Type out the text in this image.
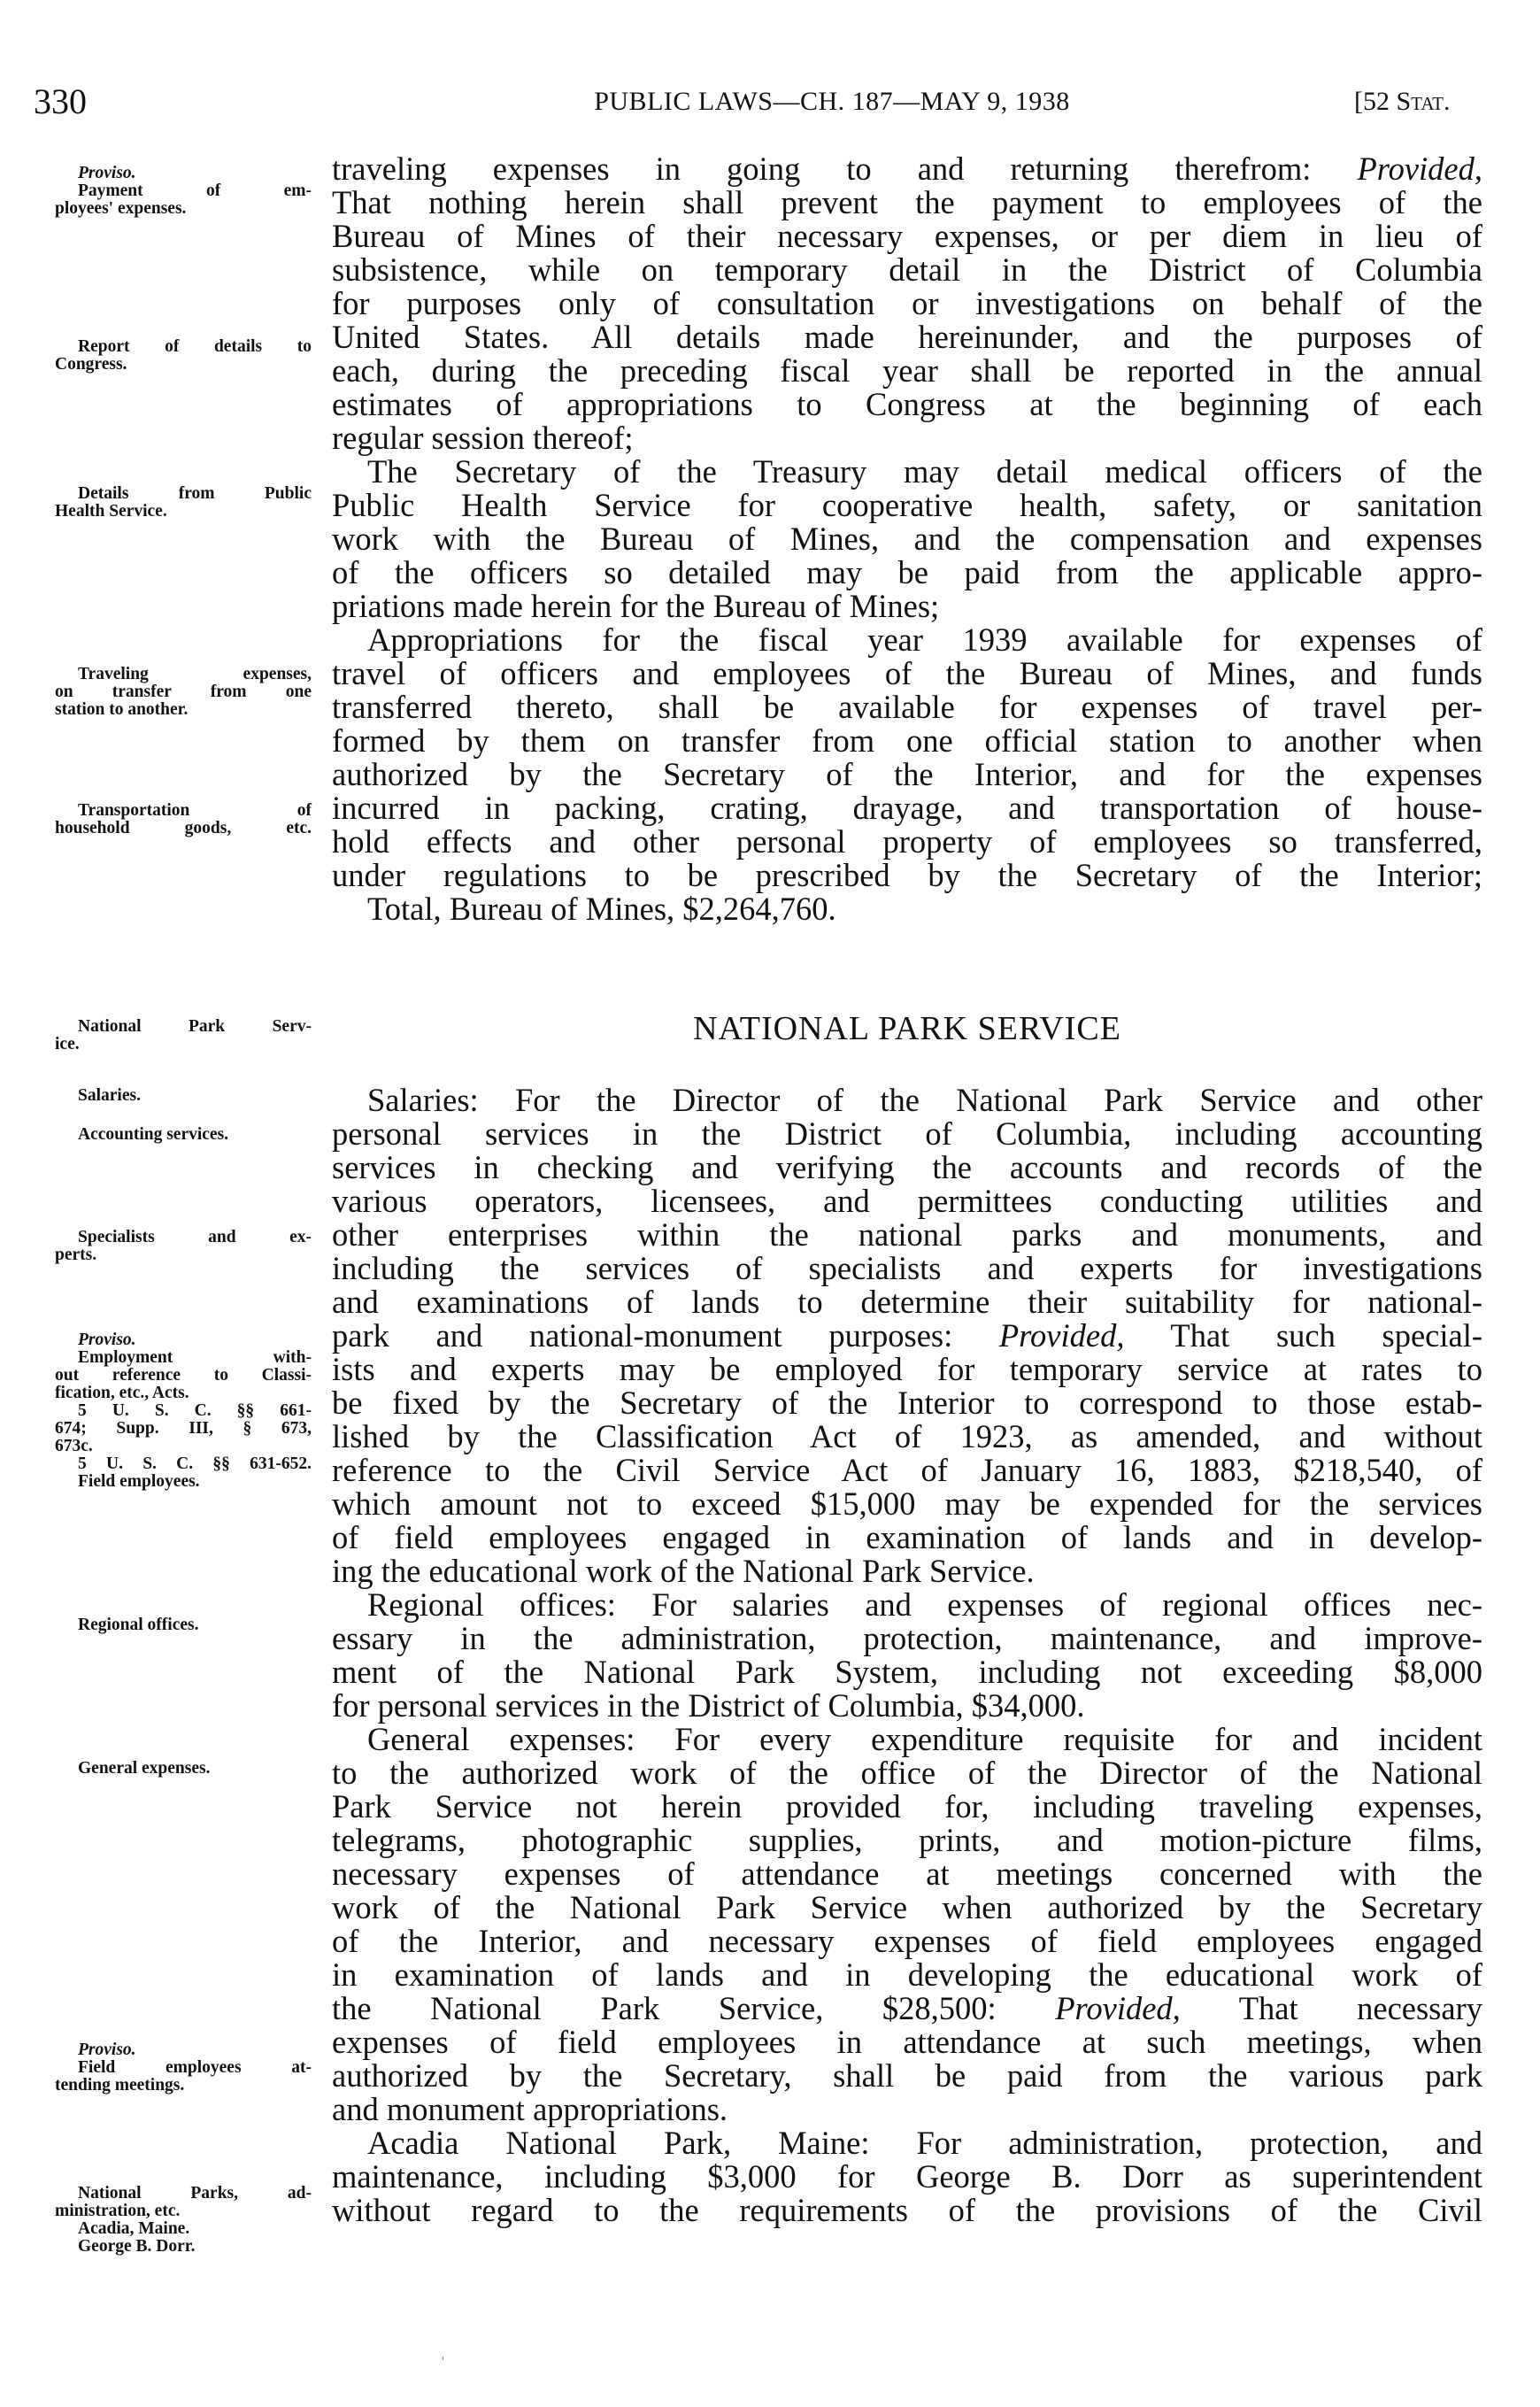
330	PUBLIC LAWS—CH. 187—MAY 9, 1938	[52 Stat.
NATIONAL PARK SERVICE
traveling expenses in going to and returning therefrom: Provided,
That nothing herein shall prevent the payment to employees of the
Bureau of Mines of their necessary expenses, or per diem in lieu of
subsistence, while on temporary detail in the District of Columbia
for purposes only of consultation or investigations on behalf of the
United States. All details made hereinunder, and the purposes of
each, during the preceding fiscal year shall be reported in the annual
estimates of appropriations to Congress at the beginning of each
regular session thereof;
The Secretary of the Treasury may detail medical officers of the
Public Health Service for cooperative health, safety, or sanitation
work with the Bureau of Mines, and the compensation and expenses
of the officers so detailed may be paid from the applicable appro-
priations made herein for the Bureau of Mines;
Appropriations for the fiscal year 1939 available for expenses of
travel of officers and employees of the Bureau of Mines, and funds
transferred thereto, shall be available for expenses of travel per-
formed by them on transfer from one official station to another when
authorized by the Secretary of the Interior, and for the expenses
incurred in packing, crating, drayage, and transportation of house-
hold effects and other personal property of employees so transferred,
under regulations to be prescribed by the Secretary of the Interior;
Total, Bureau of Mines, $2,264,760.
Salaries: For the Director of the National Park Service and other
personal services in the District of Columbia, including accounting
services in checking and verifying the accounts and records of the
various operators, licensees, and permittees conducting utilities and
other enterprises within the national parks and monuments, and
including the services of specialists and experts for investigations
and examinations of lands to determine their suitability for national-
park and national-monument purposes: Provided, That such special-
ists and experts may be employed for temporary service at rates to
be fixed by the Secretary of the Interior to correspond to those estab-
lished by the Classification Act of 1923, as amended, and without
reference to the Civil Service Act of January 16, 1883, $218,540, of
which amount not to exceed $15,000 may be expended for the services
of field employees engaged in examination of lands and in develop-
ing the educational work of the National Park Service.
Regional offices: For salaries and expenses of regional offices nec-
essary in the administration, protection, maintenance, and improve-
ment of the National Park System, including not exceeding $8,000
for personal services in the District of Columbia, $34,000.
General expenses: For every expenditure requisite for and incident
to the authorized work of the office of the Director of the National
Park Service not herein provided for, including traveling expenses,
telegrams, photographic supplies, prints, and motion-picture films,
necessary expenses of attendance at meetings concerned with the
work of the National Park Service when authorized by the Secretary
of the Interior, and necessary expenses of field employees engaged
in examination of lands and in developing the educational work of
the National Park Service, $28,500: Provided, That necessary
expenses of field employees in attendance at such meetings, when
authorized by the Secretary, shall be paid from the various park
and monument appropriations.
Acadia National Park, Maine: For administration, protection, and
maintenance, including $3,000 for George B. Dorr as superintendent
without regard to the requirements of the provisions of the Civil
Proviso.
Payment of em-
ployees' expenses.
Report of details to
Congress.
Details from Public
Health Service.
Traveling expenses,
on transfer from one
station to another.
Transportation of
household goods, etc.
National Park Serv-
ice.
Salaries.
Accounting services.
Specialists and ex-
perts.
Proviso.
Employment with-
out reference to Classi-
fication, etc., Acts.
5 U. S. C. §§ 661-
674; Supp. III, § 673,
673c.
5 U. S. C. §§ 631-652.
Field employees.
Regional offices.
General expenses.
Proviso.
Field employees at-
tending meetings.
National Parks, ad-
ministration, etc.
Acadia, Maine.
George B. Dorr.
